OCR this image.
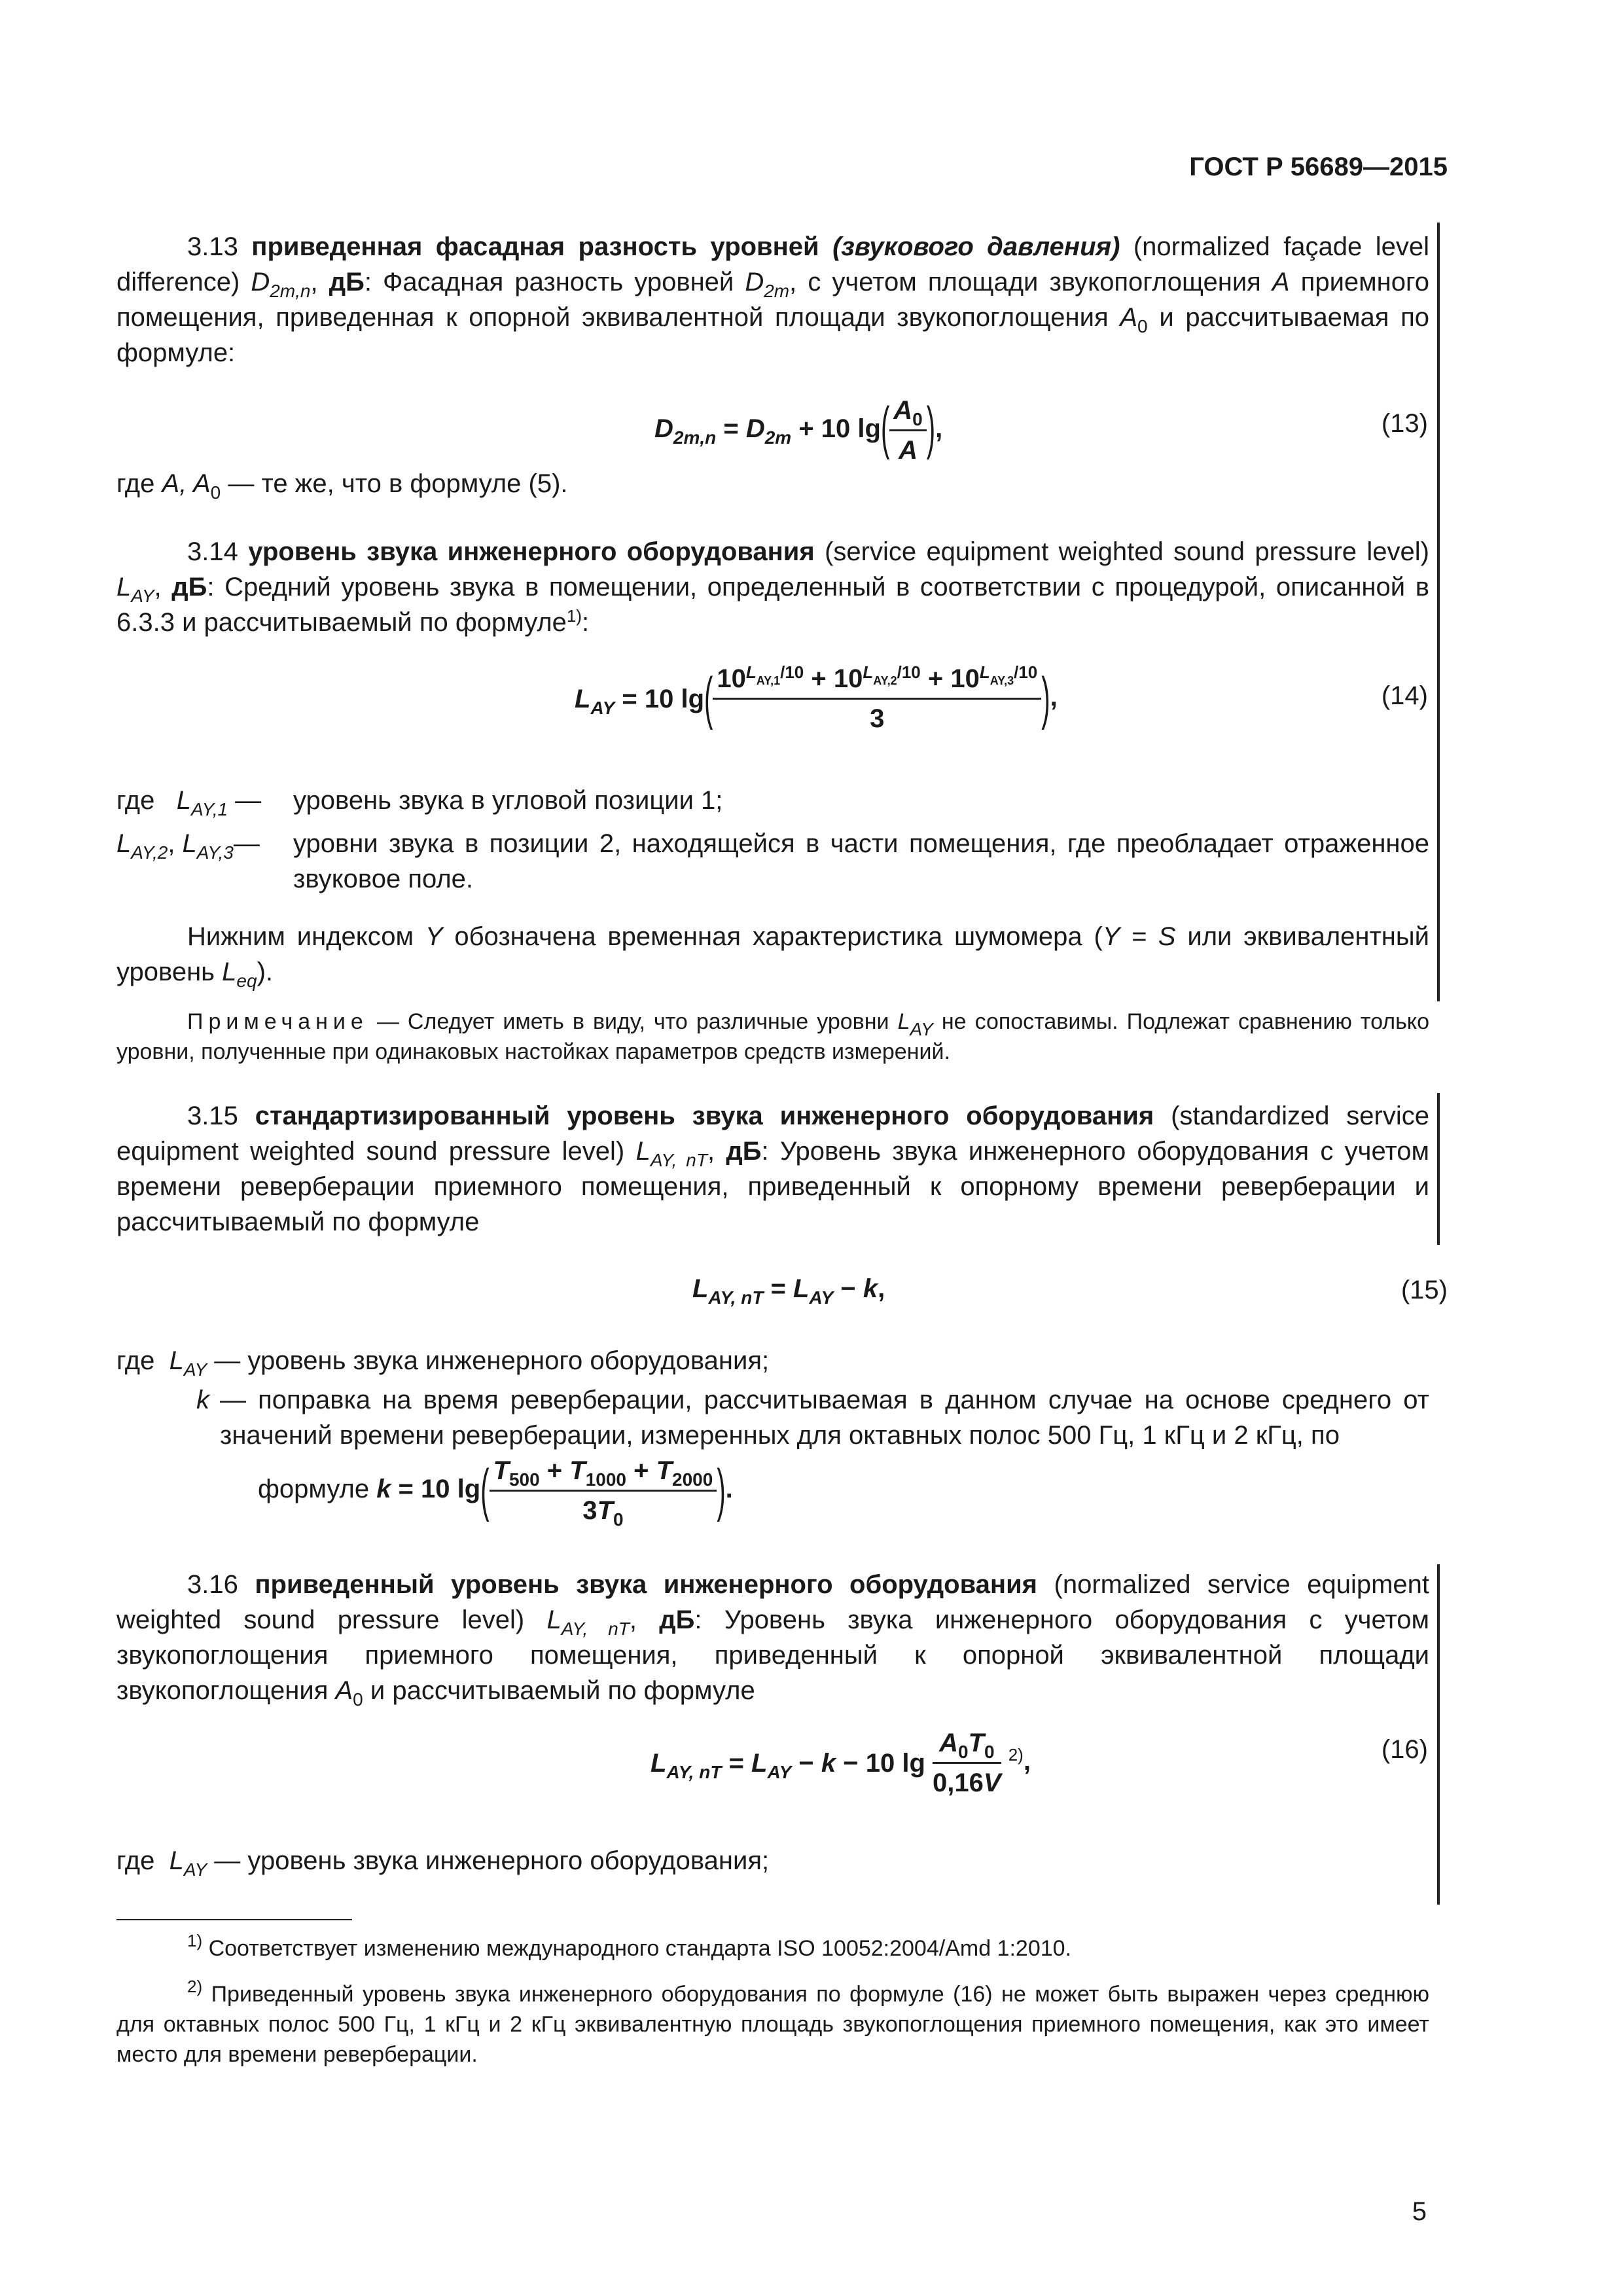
ГОСТ Р 56689—2015
3.13 приведенная фасадная разность уровней (звукового давления) (normalized façade level difference) $D_{2m,n}$, дБ: Фасадная разность уровней $D_{2m}$, с учетом площади звукопоглощения A приемного помещения, приведенная к опорной эквивалентной площади звукопоглощения $A_0$ и рассчитываемая по формуле:
$D_{2m,n} = D_{2m} + 10$ $\lg( \frac{A_0}{A}$ ),	(13)
где A, $A_0$ — те же, что в формуле (5).
3.14 уровень звука инженерного оборудования (service equipment weighted sound pressure level) $L_{AY}$, дБ: Средний уровень звука в помещении, определенный в соответствии с процедурой, описанной в 6.3.3 и рассчитываемый по формуле$^{1)}$:
$L_{AY} = 10$ $\lg( \frac{10^{L_{AY,1}/10} + 10^{L_{AY,2}/10} + 10^{L_{AY,3}/10}}{3}$ ),	(14)
где $L_{AY,1}$ — уровень звука в угловой позиции 1;
$L_{AY,2}$, $L_{AY,3}—$ уровни звука в позиции 2, находящейся в части помещения, где преобладает отраженное звуковое поле.
Нижним индексом Y обозначена временная характеристика шумомера (Y = S или эквивалентный уровень $L_{eq}$).
Примечание — Следует иметь в виду, что различные уровни $L_{AY}$ не сопоставимы. Подлежат сравнению только уровни, полученные при одинаковых настойках параметров средств измерений.
3.15 стандартизированный уровень звука инженерного оборудования (standardized service equipment weighted sound pressure level) $L_{AY, nT}$, дБ: Уровень звука инженерного оборудования с учетом времени реверберации приемного помещения, приведенный к опорному времени реверберации и рассчитываемый по формуле
$L_{AY, nT} = L_{AY} - k$,	(15)
где $L_{AY}$ — уровень звука инженерного оборудования;
k — поправка на время реверберации, рассчитываемая в данном случае на основе среднего от значений времени реверберации, измеренных для октавных полос 500 Гц, 1 кГц и 2 кГц, по
формуле k = 10 $\lg( \frac{T_{500} + T_{1000} + T_{2000}}{3T_0}$ ).
3.16 приведенный уровень звука инженерного оборудования (normalized service equipment weighted sound pressure level) $L_{AY, nT}$, дБ: Уровень звука инженерного оборудования с учетом звукопоглощения приемного помещения, приведенный к опорной эквивалентной площади звукопоглощения $A_0$ и рассчитываемый по формуле
$L_{AY, nT} = L_{AY} - k - 10$ $\lg \frac{A_0T_0}{0,16V} ^{2)}$,	(16)
где $L_{AY}$ — уровень звука инженерного оборудования;
$^{1)}$ Соответствует изменению международного стандарта ISO 10052:2004/Amd 1:2010.
$^{2)}$ Приведенный уровень звука инженерного оборудования по формуле (16) не может быть выражен через среднюю для октавных полос 500 Гц, 1 кГц и 2 кГц эквивалентную площадь звукопоглощения приемного помещения, как это имеет место для времени реверберации.
5
